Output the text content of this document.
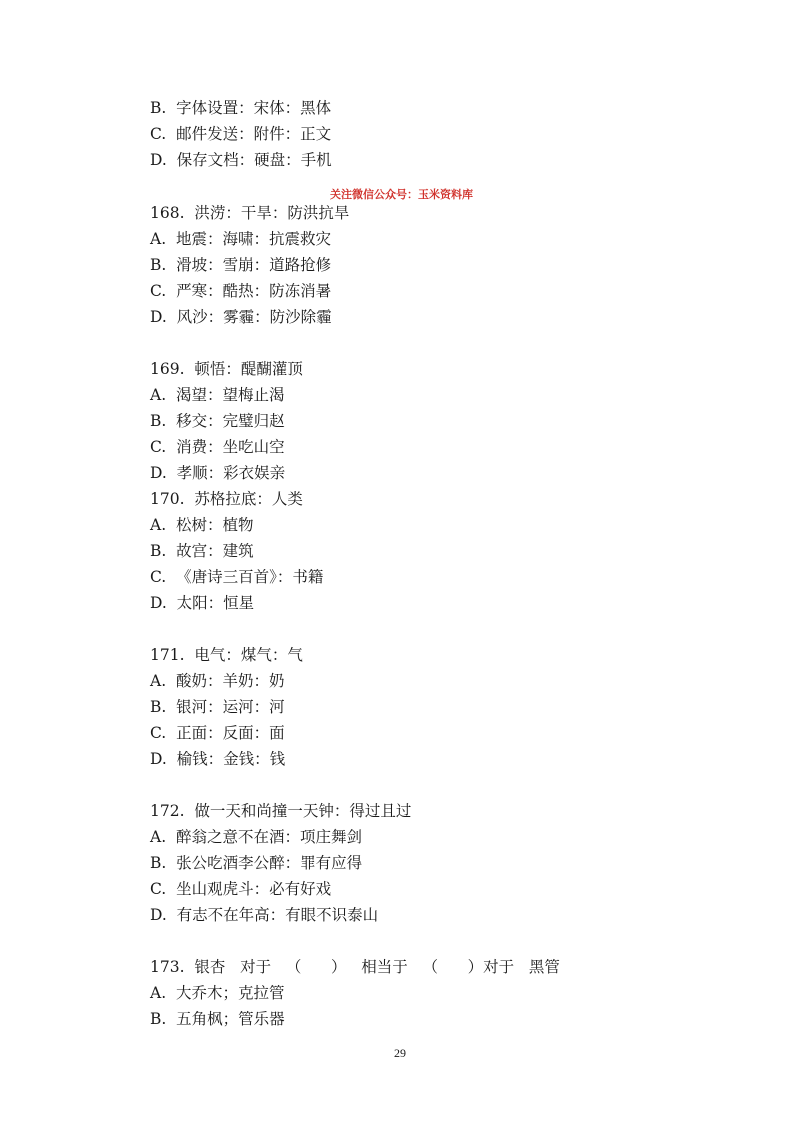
B.  字体设置：宋体：黑体
C.  邮件发送：附件：正文
D.  保存文档：硬盘：手机
关注微信公众号：玉米资料库
168.  洪涝：干旱：防洪抗旱
A.  地震：海啸：抗震救灾
B.  滑坡：雪崩：道路抢修
C.  严寒：酷热：防冻消暑
D.  风沙：雾霾：防沙除霾
169.  顿悟：醍醐灌顶
A.  渴望：望梅止渴
B.  移交：完璧归赵
C.  消费：坐吃山空
D.  孝顺：彩衣娱亲
170.  苏格拉底：人类
A.  松树：植物
B.  故宫：建筑
C.  《唐诗三百首》：书籍
D.  太阳：恒星
171.  电气：煤气：气
A.  酸奶：羊奶：奶
B.  银河：运河：河
C.  正面：反面：面
D.  榆钱：金钱：钱
172.  做一天和尚撞一天钟：得过且过
A.  醉翁之意不在酒：项庄舞剑
B.  张公吃酒李公醉：罪有应得
C.  坐山观虎斗：必有好戏
D.  有志不在年高：有眼不识泰山
173.  银杏   对于   （      ）   相当于   （      ）对于   黑管
A.  大乔木；克拉管
B.  五角枫；管乐器
29
